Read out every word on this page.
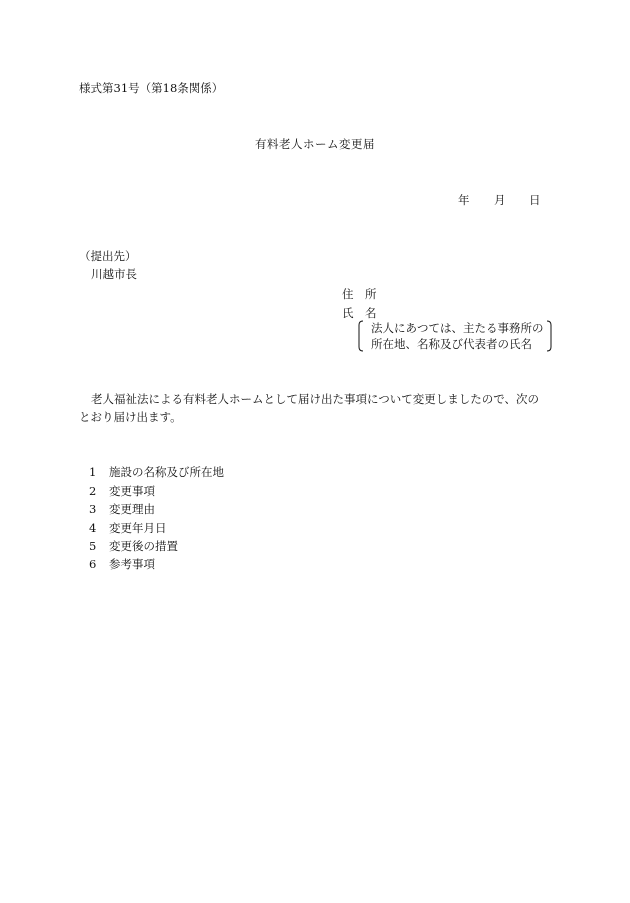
様式第31号（第18条関係）
有料老人ホーム変更届
年 月 日
（提出先）
川越市長
住　所
氏　名
法人にあつては、主たる事務所の
所在地、名称及び代表者の氏名
老人福祉法による有料老人ホームとして届け出た事項について変更しましたので、次の
とおり届け出ます。
1 施設の名称及び所在地
2 変更事項
3 変更理由
4 変更年月日
5 変更後の措置
6 参考事項
